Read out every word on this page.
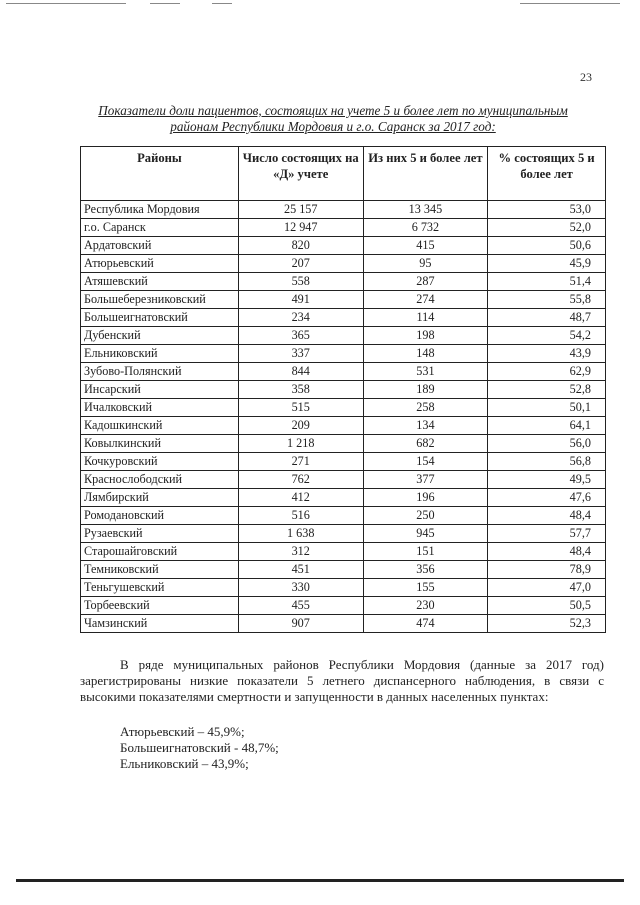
23
Показатели доли пациентов, состоящих на учете 5 и более лет по муниципальным районам Республики Мордовия и г.о. Саранск за 2017 год:
Районы	Число состоящих на «Д» учете	Из них 5 и более лет	% состоящих 5 и более лет
Республика Мордовия	25 157	13 345	53,0
г.о. Саранск	12 947	6 732	52,0
Ардатовский	820	415	50,6
Атюрьевский	207	95	45,9
Атяшевский	558	287	51,4
Большеберезниковский	491	274	55,8
Большеигнатовский	234	114	48,7
Дубенский	365	198	54,2
Ельниковский	337	148	43,9
Зубово-Полянский	844	531	62,9
Инсарский	358	189	52,8
Ичалковский	515	258	50,1
Кадошкинский	209	134	64,1
Ковылкинский	1 218	682	56,0
Кочкуровский	271	154	56,8
Краснослободский	762	377	49,5
Лямбирский	412	196	47,6
Ромодановский	516	250	48,4
Рузаевский	1 638	945	57,7
Старошайговский	312	151	48,4
Темниковский	451	356	78,9
Теньгушевский	330	155	47,0
Торбеевский	455	230	50,5
Чамзинский	907	474	52,3

В ряде муниципальных районов Республики Мордовия (данные за 2017 год) зарегистрированы низкие показатели 5 летнего диспансерного наблюдения, в связи с высокими показателями смертности и запущенности в данных населенных пунктах:

Атюрьевский – 45,9%;
Большеигнатовский - 48,7%;
Ельниковский – 43,9%;
